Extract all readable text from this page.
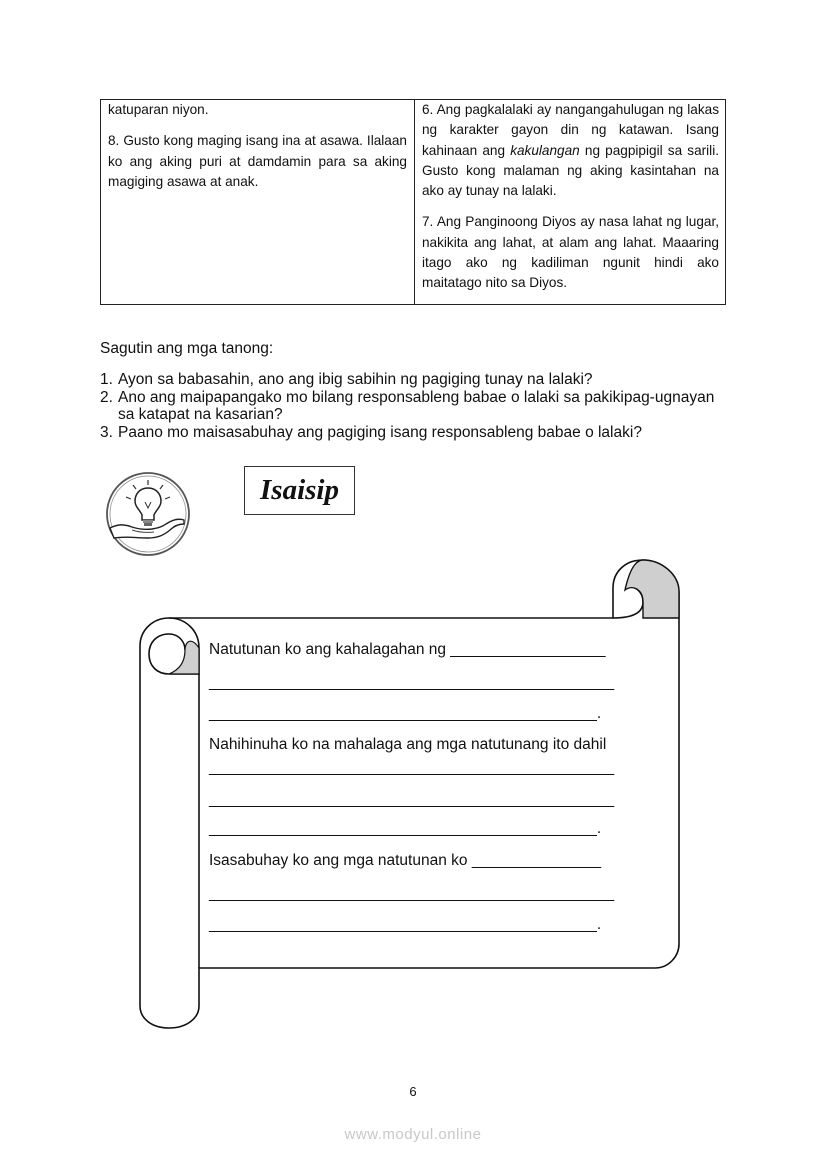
katuparan niyon.

8. Gusto kong maging isang ina at asawa. Ilalaan ko ang aking puri at damdamin para sa aking magiging asawa at anak.

6. Ang pagkalalaki ay nangangahulugan ng lakas ng karakter gayon din ng katawan. Isang kahinaan ang kakulangan ng pagpipigil sa sarili. Gusto kong malaman ng aking kasintahan na ako ay tunay na lalaki.

7. Ang Panginoong Diyos ay nasa lahat ng lugar, nakikita ang lahat, at alam ang lahat. Maaaring itago ako ng kadiliman ngunit hindi ako maitatago nito sa Diyos.

Sagutin ang mga tanong:
1. Ayon sa babasahin, ano ang ibig sabihin ng pagiging tunay na lalaki?
2. Ano ang maipapangako mo bilang responsableng babae o lalaki sa pakikipag-ugnayan sa katapat na kasarian?
3. Paano mo maisasabuhay ang pagiging isang responsableng babae o lalaki?
Isaisip
Natutunan ko ang kahalagahan ng __________________
_______________________________________________
_____________________________________________.
Nahihinuha ko na mahalaga ang mga natutunang ito dahil
_______________________________________________
_______________________________________________
_____________________________________________.
Isasabuhay ko ang mga natutunan ko _______________
_______________________________________________
_____________________________________________.
6
www.modyul.online
